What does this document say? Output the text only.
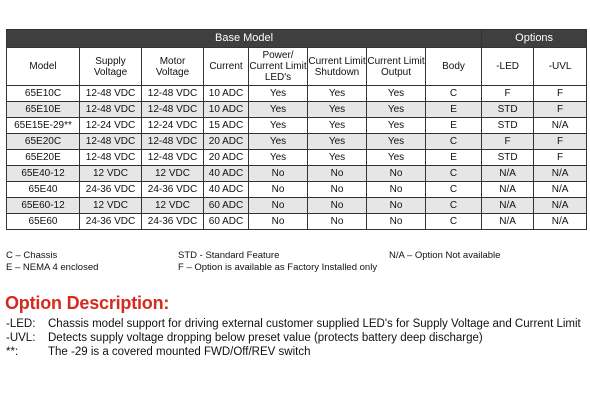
Base Model								Options	
Model	Supply Voltage	Motor Voltage	Current	Power/ Current Limit LED's	Current Limit Shutdown	Current Limit Output	Body	-LED	-UVL
65E10C	12-48 VDC	12-48 VDC	10 ADC	Yes	Yes	Yes	C	F	F
65E10E	12-48 VDC	12-48 VDC	10 ADC	Yes	Yes	Yes	E	STD	F
65E15E-29**	12-24 VDC	12-24 VDC	15 ADC	Yes	Yes	Yes	E	STD	N/A
65E20C	12-48 VDC	12-48 VDC	20 ADC	Yes	Yes	Yes	C	F	F
65E20E	12-48 VDC	12-48 VDC	20 ADC	Yes	Yes	Yes	E	STD	F
65E40-12	12 VDC	12 VDC	40 ADC	No	No	No	C	N/A	N/A
65E40	24-36 VDC	24-36 VDC	40 ADC	No	No	No	C	N/A	N/A
65E60-12	12 VDC	12 VDC	60 ADC	No	No	No	C	N/A	N/A
65E60	24-36 VDC	24-36 VDC	60 ADC	No	No	No	C	N/A	N/A
C – Chassis
E – NEMA 4 enclosed
STD - Standard Feature
F – Option is available as Factory Installed only
N/A – Option Not available
Option Description:
-LED:	Chassis model support for driving external customer supplied LED's for Supply Voltage and Current Limit
-UVL:	Detects supply voltage dropping below preset value (protects battery deep discharge)
**:	The -29 is a covered mounted FWD/Off/REV switch
